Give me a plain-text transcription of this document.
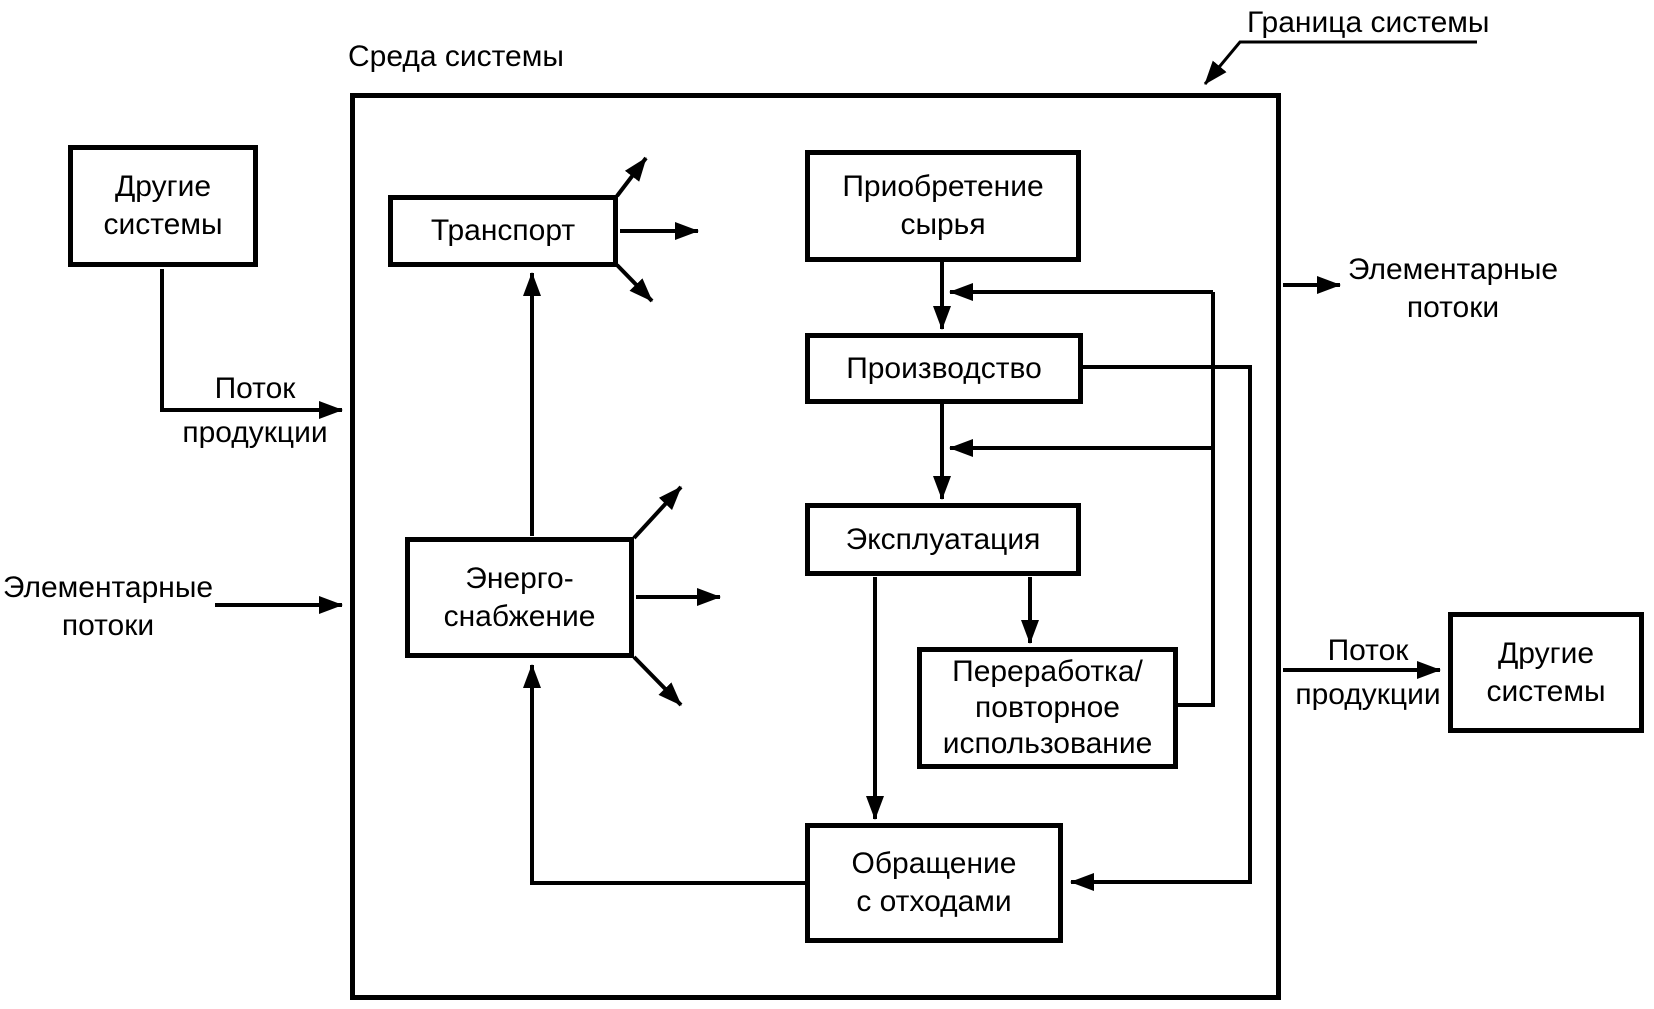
Среда системы
Граница системы
Другие
системы	Транспорт
Энерго-
снабжение
Приобретение
сырья
Производство
Эксплуатация
Переработка/
повторное
использование
Обращение
с отходами
Другие
системы
Поток
продукции
Элементарные
потоки
Элементарные
потоки
Поток
продукции
